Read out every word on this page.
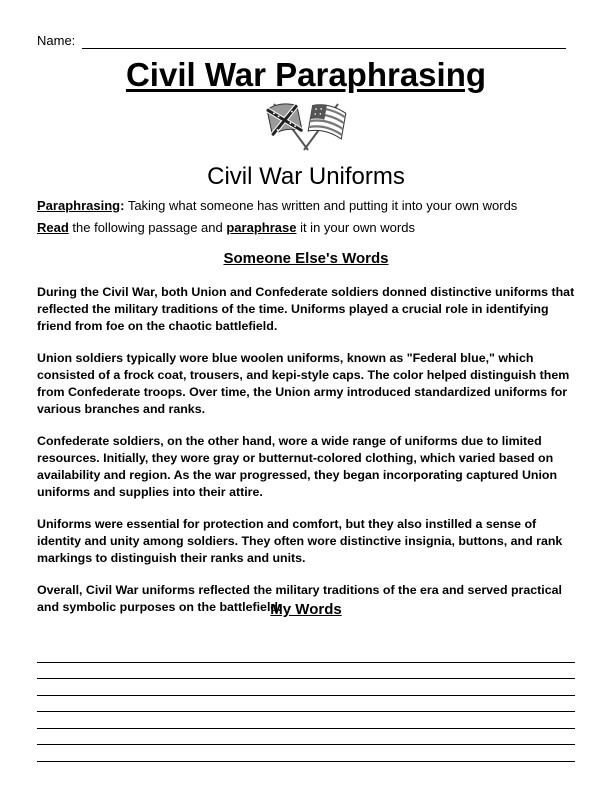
Name:
Civil War Paraphrasing
Civil War Uniforms
Paraphrasing: Taking what someone has written and putting it into your own words
Read the following passage and paraphrase it in your own words
Someone Else's Words

During the Civil War, both Union and Confederate soldiers donned distinctive uniforms that reflected the military traditions of the time. Uniforms played a crucial role in identifying friend from foe on the chaotic battlefield.

Union soldiers typically wore blue woolen uniforms, known as "Federal blue," which consisted of a frock coat, trousers, and kepi-style caps. The color helped distinguish them from Confederate troops. Over time, the Union army introduced standardized uniforms for various branches and ranks.

Confederate soldiers, on the other hand, wore a wide range of uniforms due to limited resources. Initially, they wore gray or butternut-colored clothing, which varied based on availability and region. As the war progressed, they began incorporating captured Union uniforms and supplies into their attire.

Uniforms were essential for protection and comfort, but they also instilled a sense of identity and unity among soldiers. They often wore distinctive insignia, buttons, and rank markings to distinguish their ranks and units.

Overall, Civil War uniforms reflected the military traditions of the era and served practical and symbolic purposes on the battlefield.

My Words
